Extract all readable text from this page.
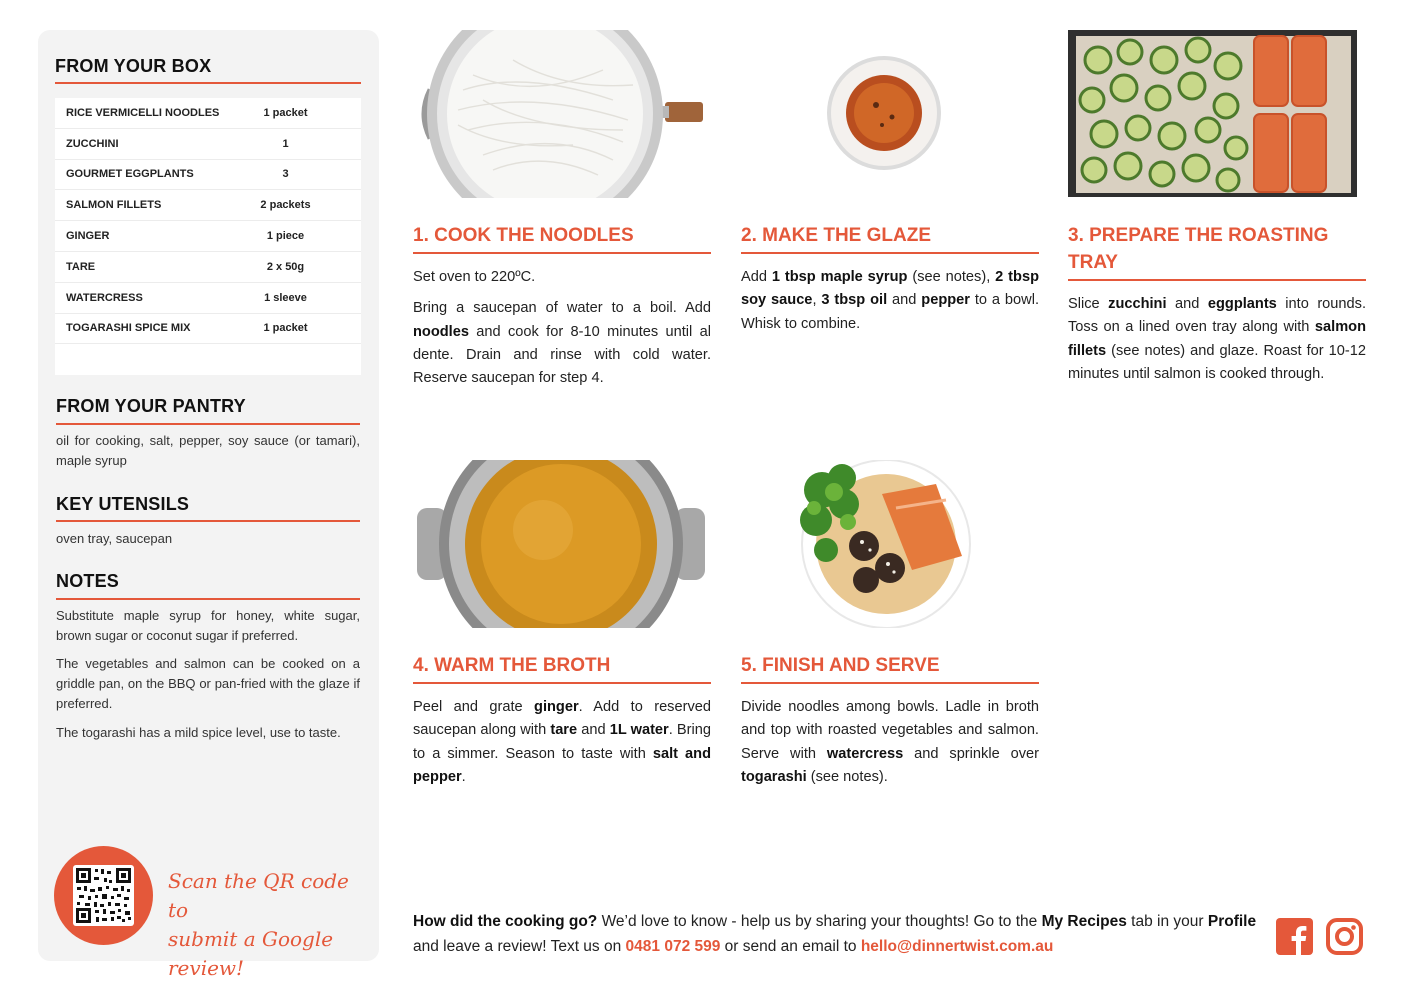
FROM YOUR BOX
RICE VERMICELLI NOODLES	1 packet
ZUCCHINI	1
GOURMET EGGPLANTS	3
SALMON FILLETS	2 packets
GINGER	1 piece
TARE	2 x 50g
WATERCRESS	1 sleeve
TOGARASHI SPICE MIX	1 packet
FROM YOUR PANTRY
oil for cooking, salt, pepper, soy sauce (or tamari), maple syrup
KEY UTENSILS
oven tray, saucepan
NOTES
Substitute maple syrup for honey, white sugar, brown sugar or coconut sugar if preferred.
The vegetables and salmon can be cooked on a griddle pan, on the BBQ or pan-fried with the glaze if preferred.
The togarashi has a mild spice level, use to taste.
Scan the QR code to
submit a Google review!
1. COOK THE NOODLES

Set oven to 220ºC.

Bring a saucepan of water to a boil. Add noodles and cook for 8-10 minutes until al dente. Drain and rinse with cold water. Reserve saucepan for step 4.

2. MAKE THE GLAZE

Add 1 tbsp maple syrup (see notes), 2 tbsp soy sauce, 3 tbsp oil and pepper to a bowl. Whisk to combine.

3. PREPARE THE ROASTING
TRAY

Slice zucchini and eggplants into rounds. Toss on a lined oven tray along with salmon fillets (see notes) and glaze. Roast for 10-12 minutes until salmon is cooked through.

4. WARM THE BROTH

Peel and grate ginger. Add to reserved saucepan along with tare and 1L water. Bring to a simmer. Season to taste with salt and pepper.

5. FINISH AND SERVE

Divide noodles among bowls. Ladle in broth and top with roasted vegetables and salmon. Serve with watercress and sprinkle over togarashi (see notes).

How did the cooking go? We’d love to know - help us by sharing your thoughts! Go to the My Recipes tab in your Profile and leave a review! Text us on 0481 072 599 or send an email to hello@dinnertwist.com.au
